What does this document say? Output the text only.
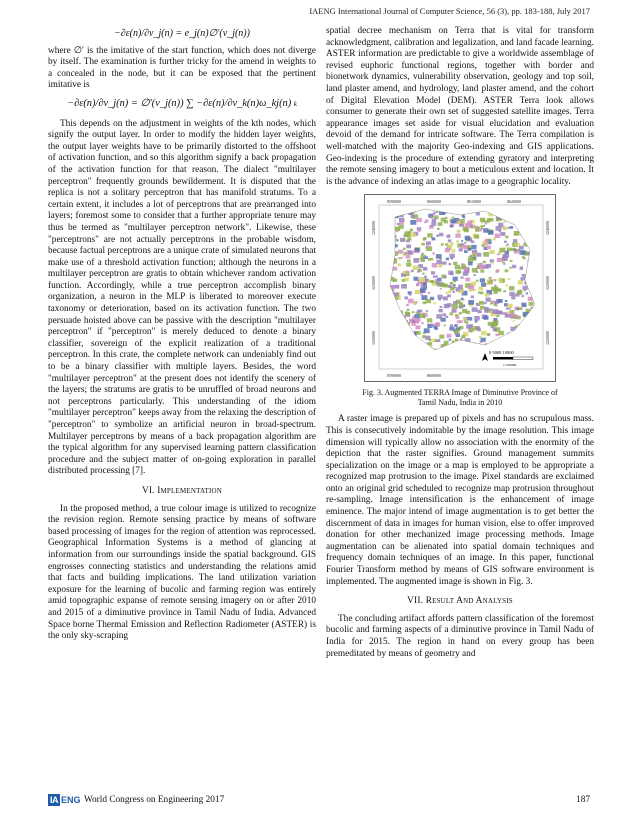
IAENG International Journal of Computer Science, 56 (3), pp. 183-188, July 2017
−∂ε(n)/∂v_j(n) = e_j(n)∅′(v_j(n))

where ∅′ is the imitative of the start function, which does not diverge by itself. The examination is further tricky for the amend in weights to a concealed in the node, but it can be exposed that the pertinent imitative is

−∂ε(n)/∂v_j(n) = ∅′(v_j(n)) ∑ −∂ε(n)/∂v_k(n)ω_kj(n) k

This depends on the adjustment in weights of the kth nodes, which signify the output layer. In order to modify the hidden layer weights, the output layer weights have to be primarily distorted to the offshoot of activation function, and so this algorithm signify a back propagation of the activation function for that reason. The dialect "multilayer perceptron" frequently grounds bewilderment. It is disputed that the replica is not a solitary perceptron that has manifold stratums. To a certain extent, it includes a lot of perceptrons that are prearranged into layers; foremost some to consider that a further appropriate tenure may thus be termed as "multilayer perceptron network". Likewise, these "perceptrons" are not actually perceptrons in the probable wisdom, because factual perceptrons are a unique crate of simulated neurons that make use of a threshold activation function; although the neurons in a multilayer perceptron are gratis to obtain whichever random activation function. Accordingly, while a true perceptron accomplish binary organization, a neuron in the MLP is liberated to moreover execute taxonomy or deterioration, based on its activation function. The two persuade hoisted above can be passive with the description "multilayer perceptron" if "perceptron" is merely deduced to denote a binary classifier, sovereign of the explicit realization of a traditional perceptron. In this crate, the complete network can undeniably find out to be a binary classifier with multiple layers. Besides, the word "multilayer perceptron" at the present does not identify the scenery of the layers; the stratums are gratis to be unruffled of broad neurons and not perceptrons particularly. This understanding of the idiom "multilayer perceptron" keeps away from the relaxing the description of "perceptron" to symbolize an artificial neuron in broad-spectrum. Multilayer perceptrons by means of a back propagation algorithm are the typical algorithm for any supervised learning pattern classification procedure and the subject matter of on-going exploration in parallel distributed processing [7].

VI. Implementation

In the proposed method, a true colour image is utilized to recognize the revision region. Remote sensing practice by means of software based processing of images for the region of attention was reprocessed. Geographical Information Systems is a method of glancing at information from our surroundings inside the spatial background. GIS engrosses connecting statistics and understanding the relations amid that facts and building implications. The land utilization variation exposure for the learning of bucolic and farming region was entirely amid topographic expanse of remote sensing imagery on or after 2010 and 2015 of a diminutive province in Tamil Nadu of India. Advanced Space borne Thermal Emission and Reflection Radiometer (ASTER) is the only sky-scraping

spatial decree mechanism on Terra that is vital for transform acknowledgment, calibration and legalization, and land facade learning. ASTER information are predictable to give a worldwide assemblage of revised euphoric functional regions, together with border and bionetwork dynamics, vulnerability observation, geology and top soil, land plaster amend, and hydrology, land plaster amend, and the cohort of Digital Elevation Model (DEM). ASTER Terra look allows consumer to generate their own set of suggested satellite images. Terra appearance images set aside for visual elucidation and evaluation devoid of the demand for intricate software. The Terra compilation is well-matched with the majority Geo-indexing and GIS applications. Geo-indexing is the procedure of extending gyratory and interpreting the remote sensing imagery to bout a meticulous extent and location. It is the advance of indexing an atlas image to a geographic locality.

8590000	8600000	8610000	8620000
8590000	8600000
1240000
1230000
1220000
1240000
1230000
1220000
0 5000 10000
1:120000
Fig. 3. Augmented TERRA Image of Diminutive Province of
Tamil Nadu, India in 2010

A raster image is prepared up of pixels and has no scrupulous mass. This is consecutively indomitable by the image resolution. This image dimension will typically allow no association with the enormity of the depiction that the raster signifies. Ground management summits specialization on the image or a map is employed to be appropriate a recognized map protrusion to the image. Pixel standards are exclaimed onto an original grid scheduled to recognize map protrusion throughout re-sampling. Image intensification is the enhancement of image eminence. The major intend of image augmentation is to get better the discernment of data in images for human vision, else to offer improved donation for other mechanized image processing methods. Image augmentation can be alienated into spatial domain techniques and frequency domain techniques of an image. In this paper, functional Fourier Transform method by means of GIS software environment is implemented. The augmented image is shown in Fig. 3.

VII. Result And Analysis

The concluding artifact affords pattern classification of the foremost bucolic and farming aspects of a diminutive province in Tamil Nadu of India for 2015. The region in hand on every group has been premeditated by means of geometry and

IA ENG World Congress on Engineering 2017	187
